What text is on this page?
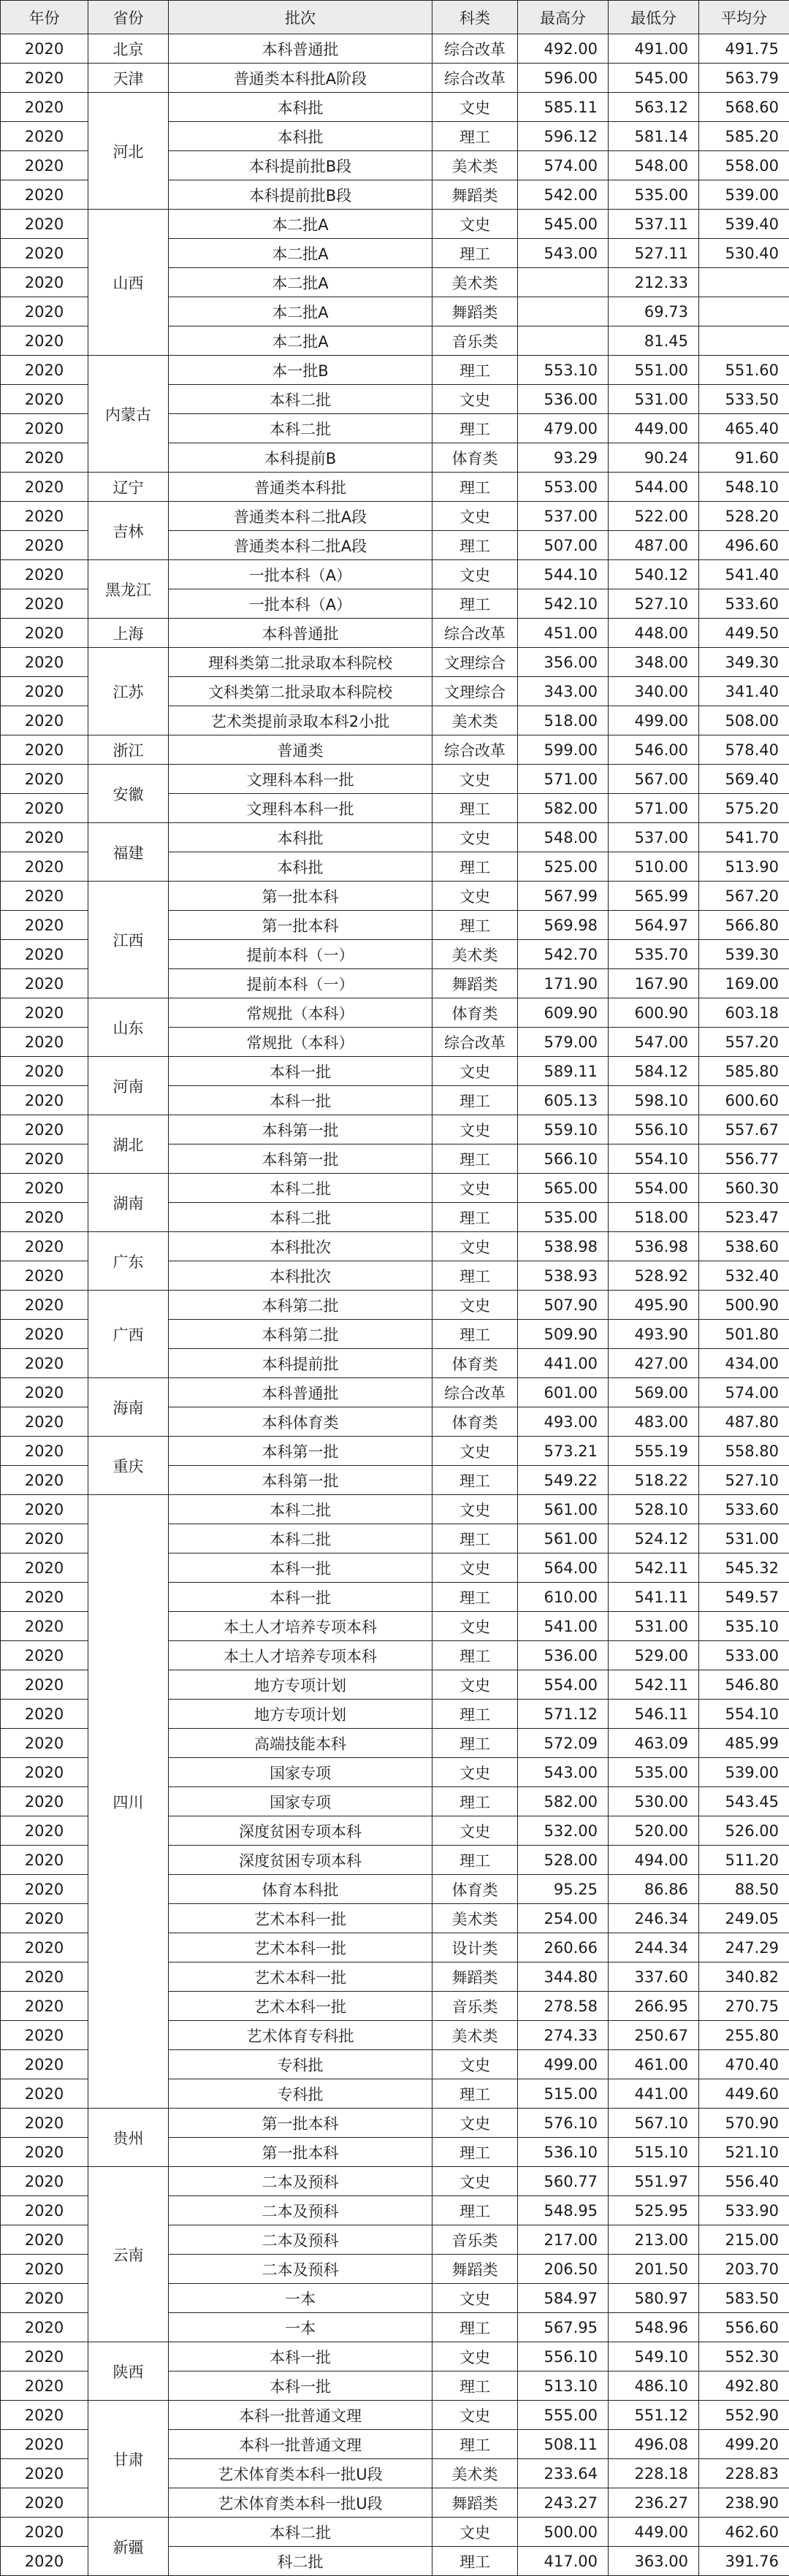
年份	省份	批次	科类	最高分	最低分	平均分
2020	北京	本科普通批	综合改革	492.00	491.00	491.75
2020	天津	普通类本科批A阶段	综合改革	596.00	545.00	563.79
2020	河北	本科批	文史	585.11	563.12	568.60
2020		本科批	理工	596.12	581.14	585.20
2020		本科提前批B段	美术类	574.00	548.00	558.00
2020		本科提前批B段	舞蹈类	542.00	535.00	539.00
2020	山西	本二批A	文史	545.00	537.11	539.40
2020		本二批A	理工	543.00	527.11	530.40
2020		本二批A	美术类		212.33	
2020		本二批A	舞蹈类		69.73	
2020		本二批A	音乐类		81.45	
2020	内蒙古	本一批B	理工	553.10	551.00	551.60
2020		本科二批	文史	536.00	531.00	533.50
2020		本科二批	理工	479.00	449.00	465.40
2020		本科提前B	体育类	93.29	90.24	91.60
2020	辽宁	普通类本科批	理工	553.00	544.00	548.10
2020	吉林	普通类本科二批A段	文史	537.00	522.00	528.20
2020		普通类本科二批A段	理工	507.00	487.00	496.60
2020	黑龙江	一批本科（A）	文史	544.10	540.12	541.40
2020		一批本科（A）	理工	542.10	527.10	533.60
2020	上海	本科普通批	综合改革	451.00	448.00	449.50
2020	江苏	理科类第二批录取本科院校	文理综合	356.00	348.00	349.30
2020		文科类第二批录取本科院校	文理综合	343.00	340.00	341.40
2020		艺术类提前录取本科2小批	美术类	518.00	499.00	508.00
2020	浙江	普通类	综合改革	599.00	546.00	578.40
2020	安徽	文理科本科一批	文史	571.00	567.00	569.40
2020		文理科本科一批	理工	582.00	571.00	575.20
2020	福建	本科批	文史	548.00	537.00	541.70
2020		本科批	理工	525.00	510.00	513.90
2020	江西	第一批本科	文史	567.99	565.99	567.20
2020		第一批本科	理工	569.98	564.97	566.80
2020		提前本科（一）	美术类	542.70	535.70	539.30
2020		提前本科（一）	舞蹈类	171.90	167.90	169.00
2020	山东	常规批（本科）	体育类	609.90	600.90	603.18
2020		常规批（本科）	综合改革	579.00	547.00	557.20
2020	河南	本科一批	文史	589.11	584.12	585.80
2020		本科一批	理工	605.13	598.10	600.60
2020	湖北	本科第一批	文史	559.10	556.10	557.67
2020		本科第一批	理工	566.10	554.10	556.77
2020	湖南	本科二批	文史	565.00	554.00	560.30
2020		本科二批	理工	535.00	518.00	523.47
2020	广东	本科批次	文史	538.98	536.98	538.60
2020		本科批次	理工	538.93	528.92	532.40
2020	广西	本科第二批	文史	507.90	495.90	500.90
2020		本科第二批	理工	509.90	493.90	501.80
2020		本科提前批	体育类	441.00	427.00	434.00
2020	海南	本科普通批	综合改革	601.00	569.00	574.00
2020		本科体育类	体育类	493.00	483.00	487.80
2020	重庆	本科第一批	文史	573.21	555.19	558.80
2020		本科第一批	理工	549.22	518.22	527.10
2020	四川	本科二批	文史	561.00	528.10	533.60
2020		本科二批	理工	561.00	524.12	531.00
2020		本科一批	文史	564.00	542.11	545.32
2020		本科一批	理工	610.00	541.11	549.57
2020		本土人才培养专项本科	文史	541.00	531.00	535.10
2020		本土人才培养专项本科	理工	536.00	529.00	533.00
2020		地方专项计划	文史	554.00	542.11	546.80
2020		地方专项计划	理工	571.12	546.11	554.10
2020		高端技能本科	理工	572.09	463.09	485.99
2020		国家专项	文史	543.00	535.00	539.00
2020		国家专项	理工	582.00	530.00	543.45
2020		深度贫困专项本科	文史	532.00	520.00	526.00
2020		深度贫困专项本科	理工	528.00	494.00	511.20
2020		体育本科批	体育类	95.25	86.86	88.50
2020		艺术本科一批	美术类	254.00	246.34	249.05
2020		艺术本科一批	设计类	260.66	244.34	247.29
2020		艺术本科一批	舞蹈类	344.80	337.60	340.82
2020		艺术本科一批	音乐类	278.58	266.95	270.75
2020		艺术体育专科批	美术类	274.33	250.67	255.80
2020		专科批	文史	499.00	461.00	470.40
2020		专科批	理工	515.00	441.00	449.60
2020	贵州	第一批本科	文史	576.10	567.10	570.90
2020		第一批本科	理工	536.10	515.10	521.10
2020	云南	二本及预科	文史	560.77	551.97	556.40
2020		二本及预科	理工	548.95	525.95	533.90
2020		二本及预科	音乐类	217.00	213.00	215.00
2020		二本及预科	舞蹈类	206.50	201.50	203.70
2020		一本	文史	584.97	580.97	583.50
2020		一本	理工	567.95	548.96	556.60
2020	陕西	本科一批	文史	556.10	549.10	552.30
2020		本科一批	理工	513.10	486.10	492.80
2020	甘肃	本科一批普通文理	文史	555.00	551.12	552.90
2020		本科一批普通文理	理工	508.11	496.08	499.20
2020		艺术体育类本科一批U段	美术类	233.64	228.18	228.83
2020		艺术体育类本科一批U段	舞蹈类	243.27	236.27	238.90
2020	新疆	本科二批	文史	500.00	449.00	462.60
2020		科二批	理工	417.00	363.00	391.76
